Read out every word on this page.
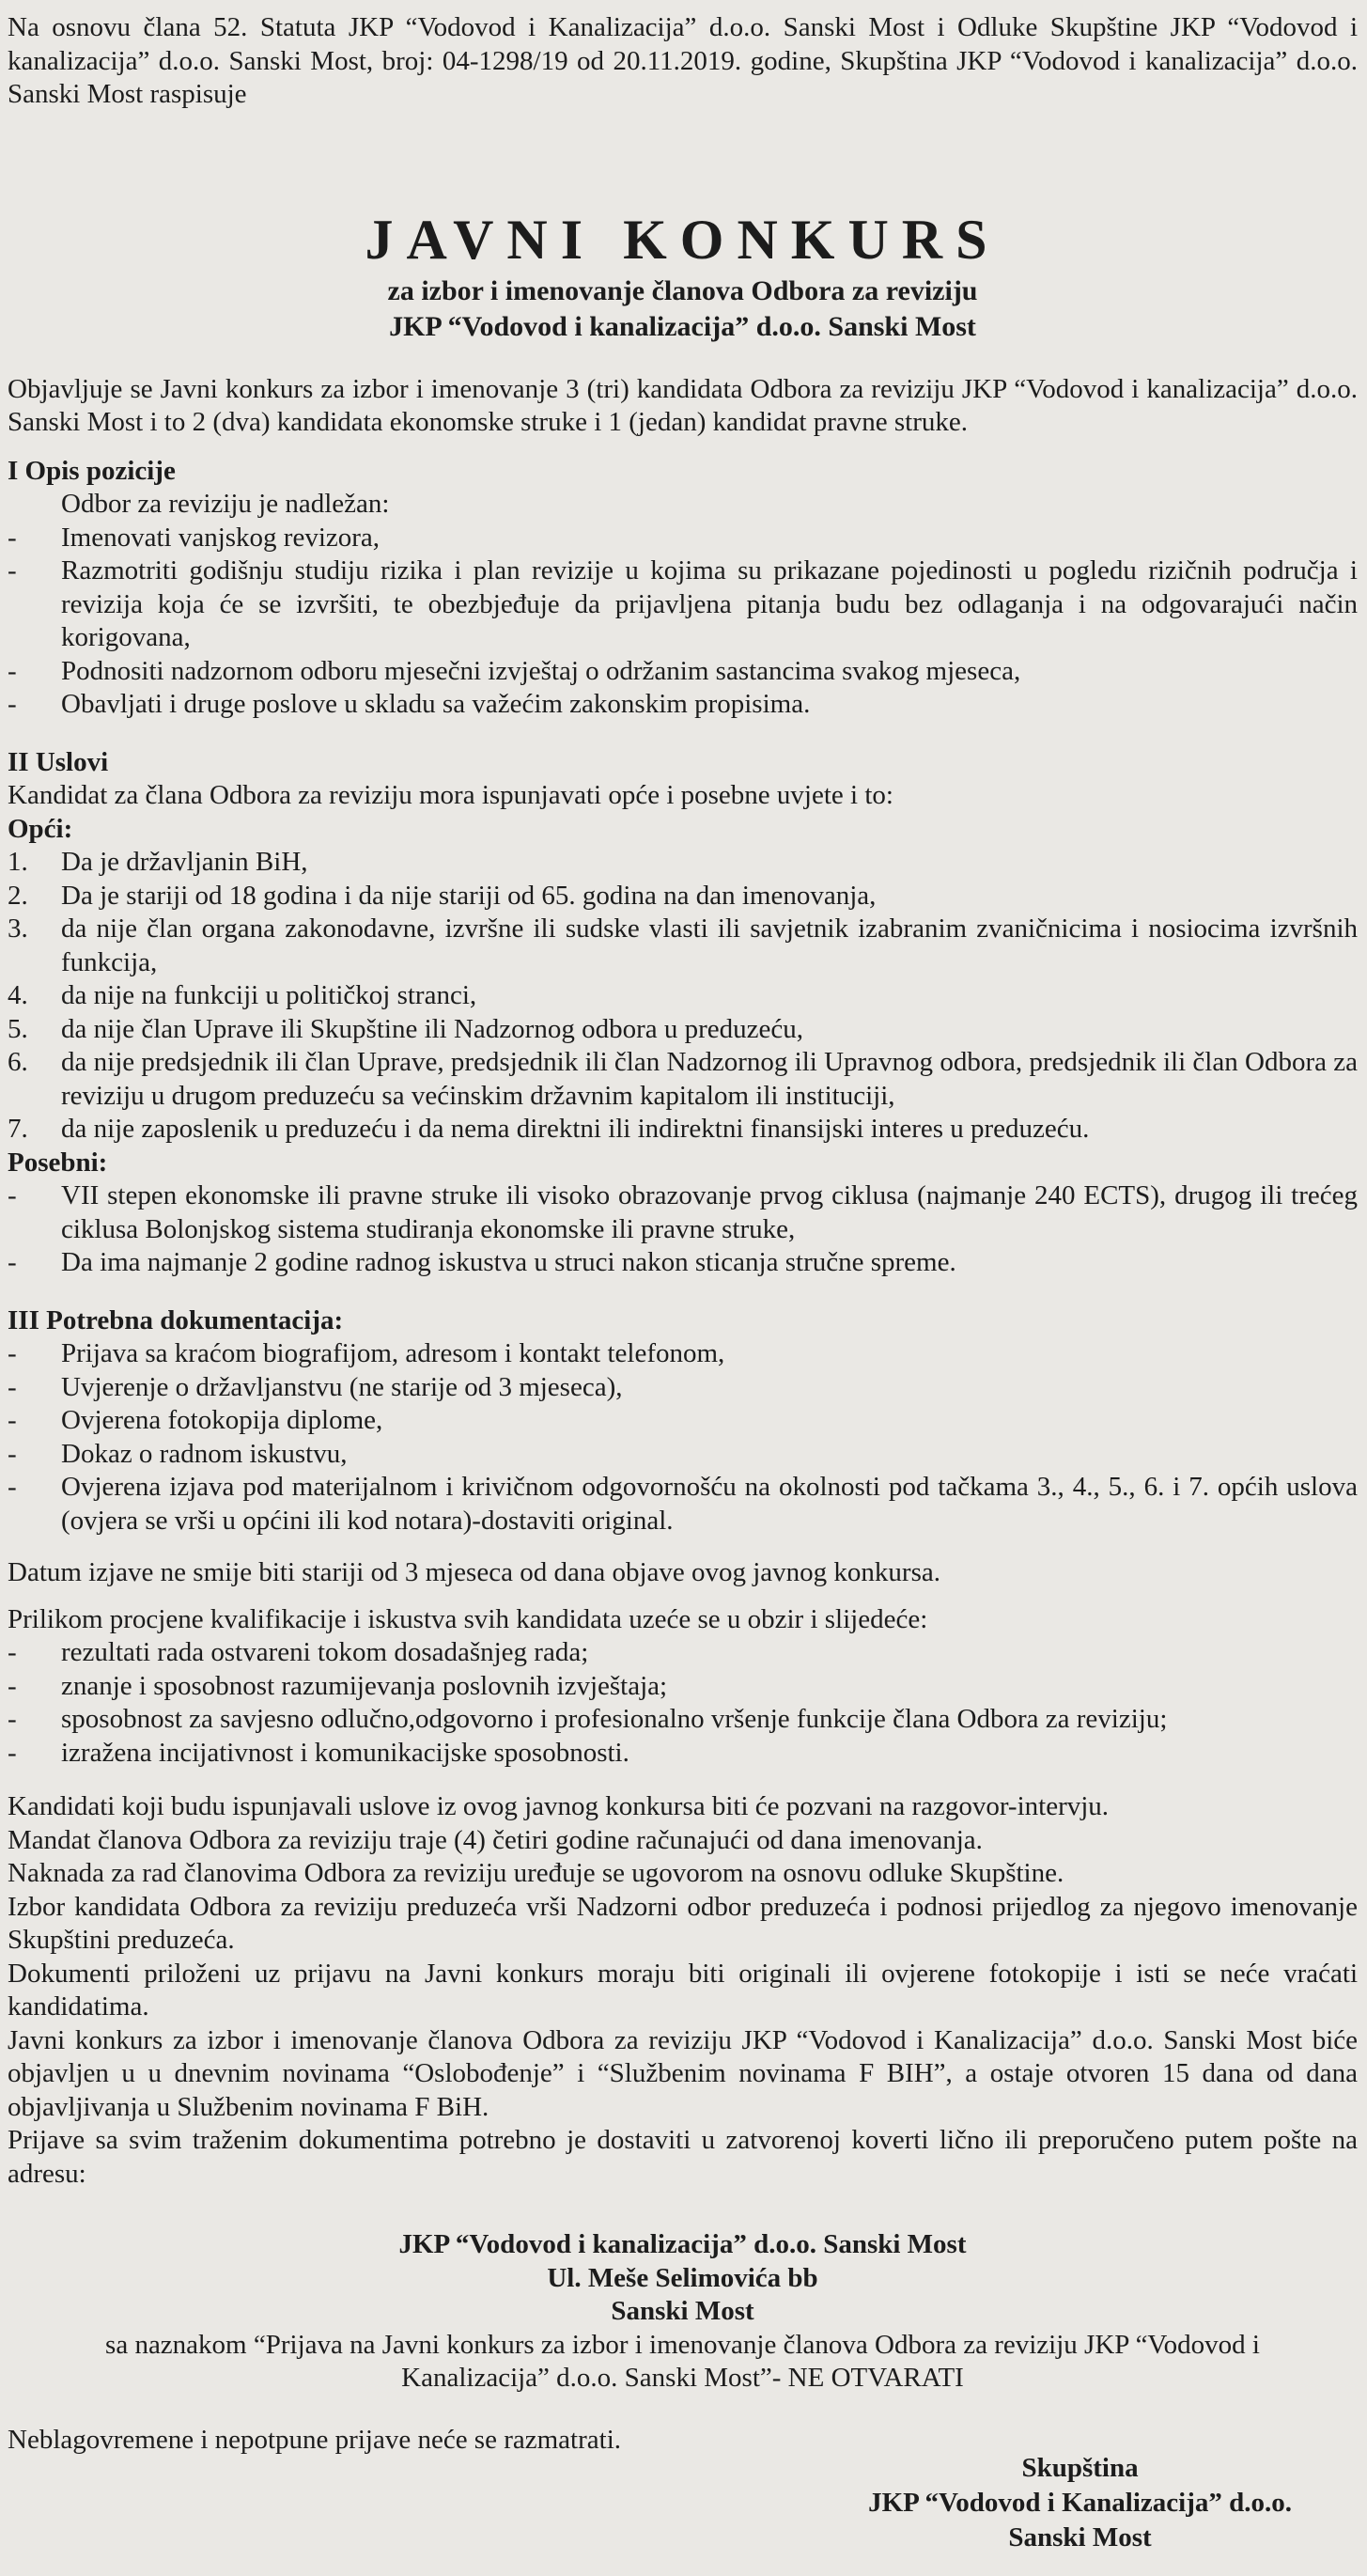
Na osnovu člana 52. Statuta JKP “Vodovod i Kanalizacija” d.o.o. Sanski Most i Odluke Skupštine JKP “Vodovod i kanalizacija” d.o.o. Sanski Most, broj: 04-1298/19 od 20.11.2019. godine, Skupština JKP “Vodovod i kanalizacija” d.o.o. Sanski Most raspisuje

JAVNI KONKURS
za izbor i imenovanje članova Odbora za reviziju
JKP “Vodovod i kanalizacija” d.o.o. Sanski Most

Objavljuje se Javni konkurs za izbor i imenovanje 3 (tri) kandidata Odbora za reviziju JKP “Vodovod i kanalizacija” d.o.o. Sanski Most i to 2 (dva) kandidata ekonomske struke i 1 (jedan) kandidat pravne struke.

I Opis pozicije
Odbor za reviziju je nadležan:
- Imenovati vanjskog revizora,
- Razmotriti godišnju studiju rizika i plan revizije u kojima su prikazane pojedinosti u pogledu rizičnih područja i revizija koja će se izvršiti, te obezbjeđuje da prijavljena pitanja budu bez odlaganja i na odgovarajući način korigovana,
- Podnositi nadzornom odboru mjesečni izvještaj o održanim sastancima svakog mjeseca,
- Obavljati i druge poslove u skladu sa važećim zakonskim propisima.
II Uslovi
Kandidat za člana Odbora za reviziju mora ispunjavati opće i posebne uvjete i to:
Opći:
1. Da je državljanin BiH,
2. Da je stariji od 18 godina i da nije stariji od 65. godina na dan imenovanja,
3. da nije član organa zakonodavne, izvršne ili sudske vlasti ili savjetnik izabranim zvaničnicima i nosiocima izvršnih funkcija,
4. da nije na funkciji u političkoj stranci,
5. da nije član Uprave ili Skupštine ili Nadzornog odbora u preduzeću,
6. da nije predsjednik ili član Uprave, predsjednik ili član Nadzornog ili Upravnog odbora, predsjednik ili član Odbora za reviziju u drugom preduzeću sa većinskim državnim kapitalom ili instituciji,
7. da nije zaposlenik u preduzeću i da nema direktni ili indirektni finansijski interes u preduzeću.
Posebni:
- VII stepen ekonomske ili pravne struke ili visoko obrazovanje prvog ciklusa (najmanje 240 ECTS), drugog ili trećeg ciklusa Bolonjskog sistema studiranja ekonomske ili pravne struke,
- Da ima najmanje 2 godine radnog iskustva u struci nakon sticanja stručne spreme.
III Potrebna dokumentacija:
- Prijava sa kraćom biografijom, adresom i kontakt telefonom,
- Uvjerenje o državljanstvu (ne starije od 3 mjeseca),
- Ovjerena fotokopija diplome,
- Dokaz o radnom iskustvu,
- Ovjerena izjava pod materijalnom i krivičnom odgovornošću na okolnosti pod tačkama 3., 4., 5., 6. i 7. općih uslova (ovjera se vrši u općini ili kod notara)-dostaviti original.

Datum izjave ne smije biti stariji od 3 mjeseca od dana objave ovog javnog konkursa.

Prilikom procjene kvalifikacije i iskustva svih kandidata uzeće se u obzir i slijedeće:

- rezultati rada ostvareni tokom dosadašnjeg rada;
- znanje i sposobnost razumijevanja poslovnih izvještaja;
- sposobnost za savjesno odlučno,odgovorno i profesionalno vršenje funkcije člana Odbora za reviziju;
- izražena incijativnost i komunikacijske sposobnosti.

Kandidati koji budu ispunjavali uslove iz ovog javnog konkursa biti će pozvani na razgovor-intervju.

Mandat članova Odbora za reviziju traje (4) četiri godine računajući od dana imenovanja.

Naknada za rad članovima Odbora za reviziju uređuje se ugovorom na osnovu odluke Skupštine.

Izbor kandidata Odbora za reviziju preduzeća vrši Nadzorni odbor preduzeća i podnosi prijedlog za njegovo imenovanje Skupštini preduzeća.

Dokumenti priloženi uz prijavu na Javni konkurs moraju biti originali ili ovjerene fotokopije i isti se neće vraćati kandidatima.

Javni konkurs za izbor i imenovanje članova Odbora za reviziju JKP “Vodovod i Kanalizacija” d.o.o. Sanski Most biće objavljen u u dnevnim novinama “Oslobođenje” i “Službenim novinama F BIH”, a ostaje otvoren 15 dana od dana objavljivanja u Službenim novinama F BiH.

Prijave sa svim traženim dokumentima potrebno je dostaviti u zatvorenoj koverti lično ili preporučeno putem pošte na adresu:

JKP “Vodovod i kanalizacija” d.o.o. Sanski Most
Ul. Meše Selimovića bb
Sanski Most

sa naznakom “Prijava na Javni konkurs za izbor i imenovanje članova Odbora za reviziju JKP “Vodovod i Kanalizacija” d.o.o. Sanski Most”- NE OTVARATI

Neblagovremene i nepotpune prijave neće se razmatrati.

Skupština
JKP “Vodovod i Kanalizacija” d.o.o.
Sanski Most
